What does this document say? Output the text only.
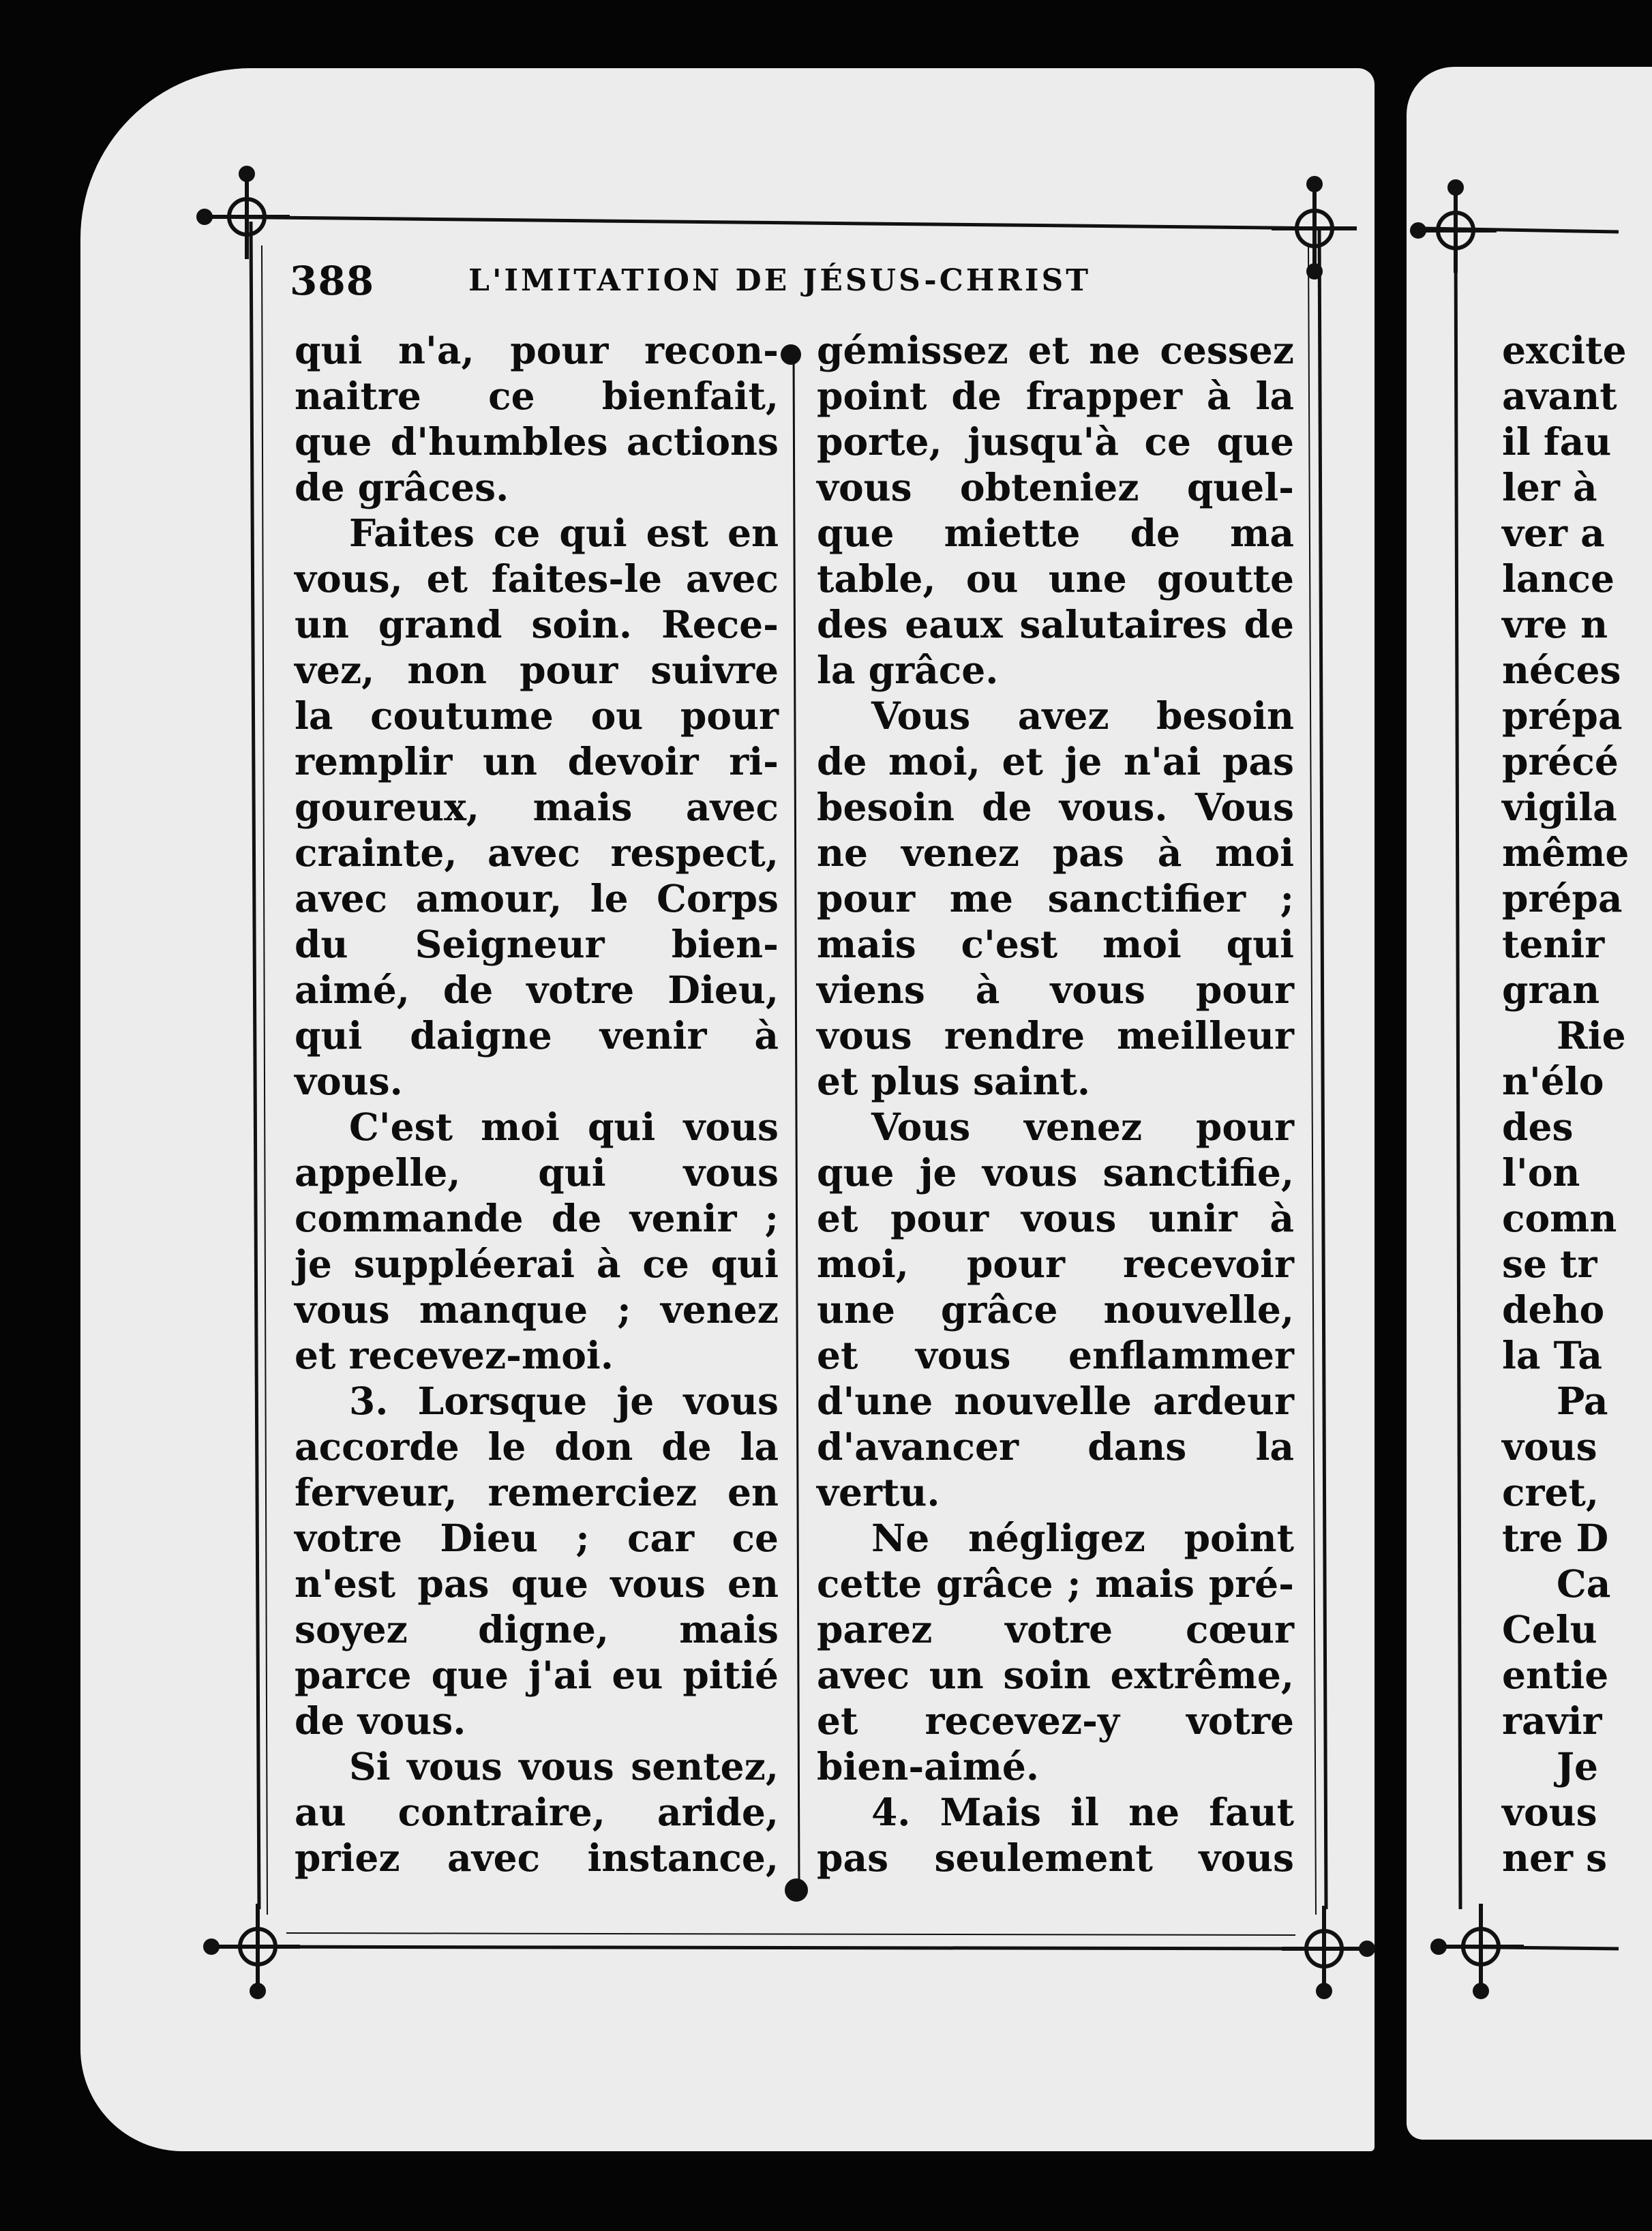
388	L'IMITATION DE JÉSUS-CHRIST
qui n'a, pour recon-
naitre ce bienfait,
que d'humbles actions
de grâces.
Faites ce qui est en
vous, et faites-le avec
un grand soin. Rece-
vez, non pour suivre
la coutume ou pour
remplir un devoir ri-
goureux, mais avec
crainte, avec respect,
avec amour, le Corps
du Seigneur bien-
aimé, de votre Dieu,
qui daigne venir à
vous.
C'est moi qui vous
appelle, qui vous
commande de venir ;
je suppléerai à ce qui
vous manque ; venez
et recevez-moi.
3. Lorsque je vous
accorde le don de la
ferveur, remerciez en
votre Dieu ; car ce
n'est pas que vous en
soyez digne, mais
parce que j'ai eu pitié
de vous.
Si vous vous sentez,
au contraire, aride,
priez avec instance,
gémissez et ne cessez
point de frapper à la
porte, jusqu'à ce que
vous obteniez quel-
que miette de ma
table, ou une goutte
des eaux salutaires de
la grâce.
Vous avez besoin
de moi, et je n'ai pas
besoin de vous. Vous
ne venez pas à moi
pour me sanctifier ;
mais c'est moi qui
viens à vous pour
vous rendre meilleur
et plus saint.
Vous venez pour
que je vous sanctifie,
et pour vous unir à
moi, pour recevoir
une grâce nouvelle,
et vous enflammer
d'une nouvelle ardeur
d'avancer dans la
vertu.
Ne négligez point
cette grâce ; mais pré-
parez votre cœur
avec un soin extrême,
et recevez-y votre
bien-aimé.
4. Mais il ne faut
pas seulement vous
excite
avant
il fau
ler à
ver a
lance
vre n
néces
prépa
précé
vigila
même
prépa
tenir
gran
Rie
n'élo
des
l'on
comn
se tr
deho
la Ta
Pa
vous
cret,
tre D
Ca
Celu
entie
ravir
Je
vous
ner s
